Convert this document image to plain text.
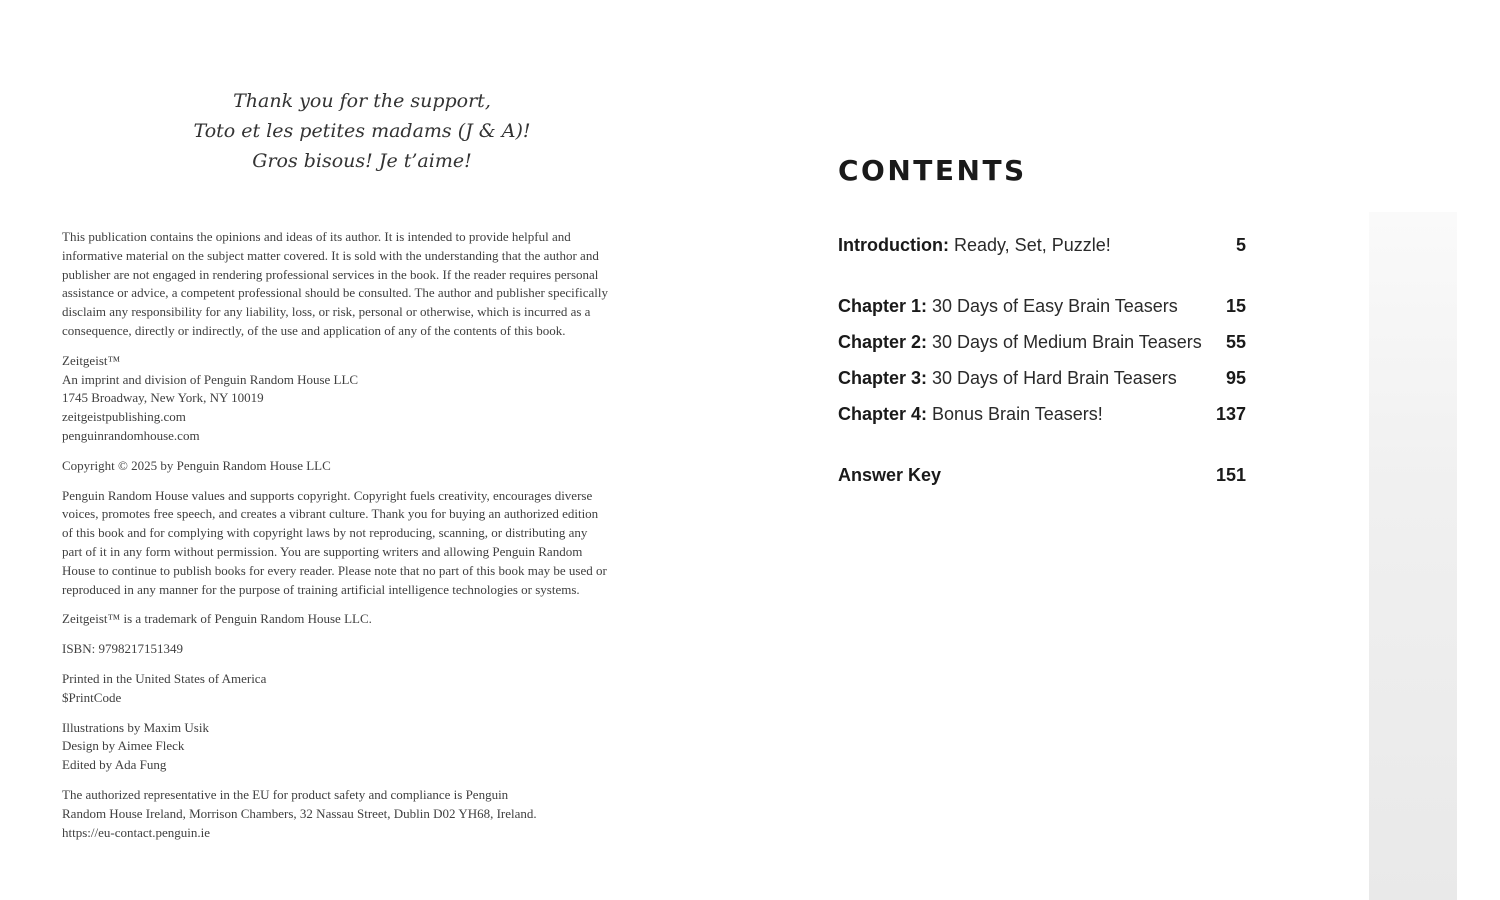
Thank you for the support,
Toto et les petites madams (J & A)!
Gros bisous! Je t’aime!
This publication contains the opinions and ideas of its author. It is intended to provide helpful and
informative material on the subject matter covered. It is sold with the understanding that the author and
publisher are not engaged in rendering professional services in the book. If the reader requires personal
assistance or advice, a competent professional should be consulted. The author and publisher specifically
disclaim any responsibility for any liability, loss, or risk, personal or otherwise, which is incurred as a
consequence, directly or indirectly, of the use and application of any of the contents of this book.
Zeitgeist™
An imprint and division of Penguin Random House LLC
1745 Broadway, New York, NY 10019
zeitgeistpublishing.com
penguinrandomhouse.com
Copyright © 2025 by Penguin Random House LLC
Penguin Random House values and supports copyright. Copyright fuels creativity, encourages diverse
voices, promotes free speech, and creates a vibrant culture. Thank you for buying an authorized edition
of this book and for complying with copyright laws by not reproducing, scanning, or distributing any
part of it in any form without permission. You are supporting writers and allowing Penguin Random
House to continue to publish books for every reader. Please note that no part of this book may be used or
reproduced in any manner for the purpose of training artificial intelligence technologies or systems.
Zeitgeist™ is a trademark of Penguin Random House LLC.
ISBN: 9798217151349
Printed in the United States of America
$PrintCode
Illustrations by Maxim Usik
Design by Aimee Fleck
Edited by Ada Fung
The authorized representative in the EU for product safety and compliance is Penguin
Random House Ireland, Morrison Chambers, 32 Nassau Street, Dublin D02 YH68, Ireland.
https://eu-contact.penguin.ie
CONTENTS
Introduction: Ready, Set, Puzzle!	5
Chapter 1: 30 Days of Easy Brain Teasers	15
Chapter 2: 30 Days of Medium Brain Teasers 55
Chapter 3: 30 Days of Hard Brain Teasers	95
Chapter 4: Bonus Brain Teasers!	137
Answer Key	151
